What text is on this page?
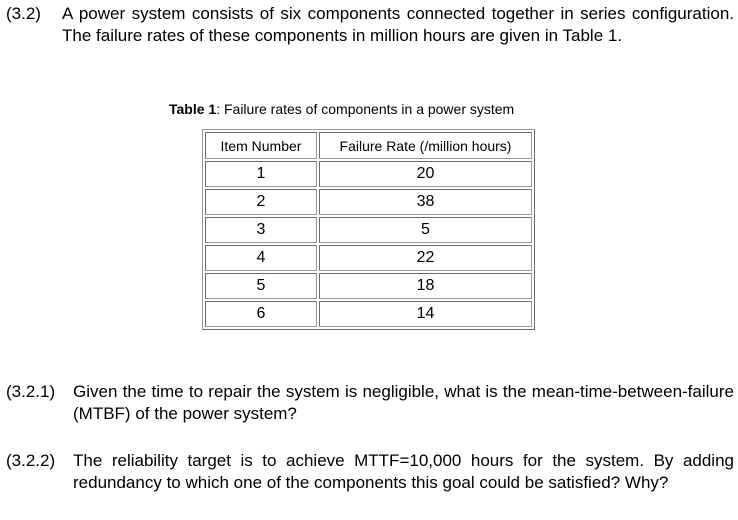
(3.2) A power system consists of six components connected together in series configuration. The failure rates of these components in million hours are given in Table 1.
Table 1: Failure rates of components in a power system
Item Number	Failure Rate (/million hours)
1	20
2	38
3	5
4	22
5	18
6	14
(3.2.1) Given the time to repair the system is negligible, what is the mean-time-between-failure (MTBF) of the power system?
(3.2.2) The reliability target is to achieve MTTF=10,000 hours for the system. By adding redundancy to which one of the components this goal could be satisfied? Why?
